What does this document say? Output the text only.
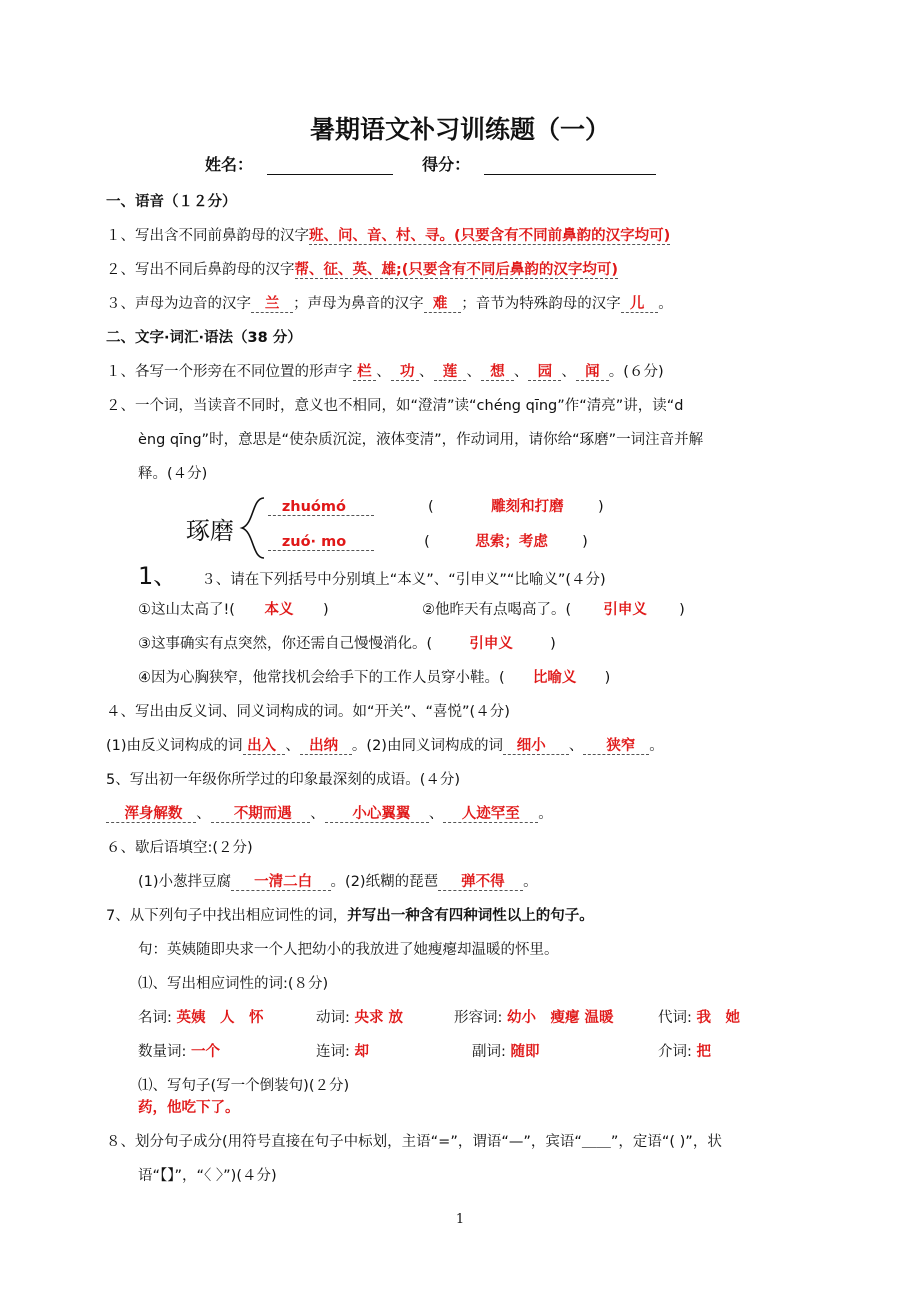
暑期语文补习训练题（一）
姓名：	得分：
一、语音（１２分）
１、写出含不同前鼻韵母的汉字班、问、音、村、寻。(只要含有不同前鼻韵的汉字均可)
２、写出不同后鼻韵母的汉字帮、征、英、雄;(只要含有不同后鼻韵的汉字均可)
３、声母为边音的汉字 兰 ；声母为鼻音的汉字 难 ；音节为特殊韵母的汉字 儿 。
二、文字·词汇·语法（38 分）
１、各写一个形旁在不同位置的形声字 栏 、 功 、 莲 、 想 、 园 、 闻 。(６分)
２、一个词，当读音不同时，意义也不相同，如“澄清”读“chéng qīng”作“清亮”讲，读“d
èng qīng”时，意思是“使杂质沉淀，液体变清”，作动词用，请你给“琢磨”一词注音并解
释。(４分)
琢磨
zhuómó	(	雕刻和打磨 )
zuó· mo	(	思索；考虑 )
1、 ３、请在下列括号中分别填上“本义”、“引申义”“比喻义”(４分)
①这山太高了!( 本义 )	②他昨天有点喝高了。( 引申义 )
③这事确实有点突然，你还需自己慢慢消化。(	引申义	)
④因为心胸狭窄，他常找机会给手下的工作人员穿小鞋。( 比喻义 )
４、写出由反义词、同义词构成的词。如“开关”、“喜悦”(４分)
(1)由反义词构成的词 出入 、 出纳 。(2)由同义词构成的词 细小 、 狭窄 。
5、写出初一年级你所学过的印象最深刻的成语。(４分)
浑身解数 、 不期而遇 、 小心翼翼 、 人迹罕至 。
６、歇后语填空:(２分)
(1)小葱拌豆腐 一清二白 。(2)纸糊的琵琶 弹不得 。
7、从下列句子中找出相应词性的词，并写出一种含有四种词性以上的句子。
句：英姨随即央求一个人把幼小的我放进了她瘦瘪却温暖的怀里。
⑴、写出相应词性的词:(８分)
名词: 英姨　人　怀	动词: 央求 放	形容词: 幼小　瘦瘪 温暖	代词: 我　她
数量词: 一个	连词: 却	副词: 随即	介词: 把
⑴、写句子(写一个倒装句)(２分)
药，他吃下了。
８、划分句子成分(用符号直接在句子中标划，主语“=”，谓语“—”，宾语“＿＿”，定语“( )”，状
语“【】”，“〈 〉”)(４分)
1
